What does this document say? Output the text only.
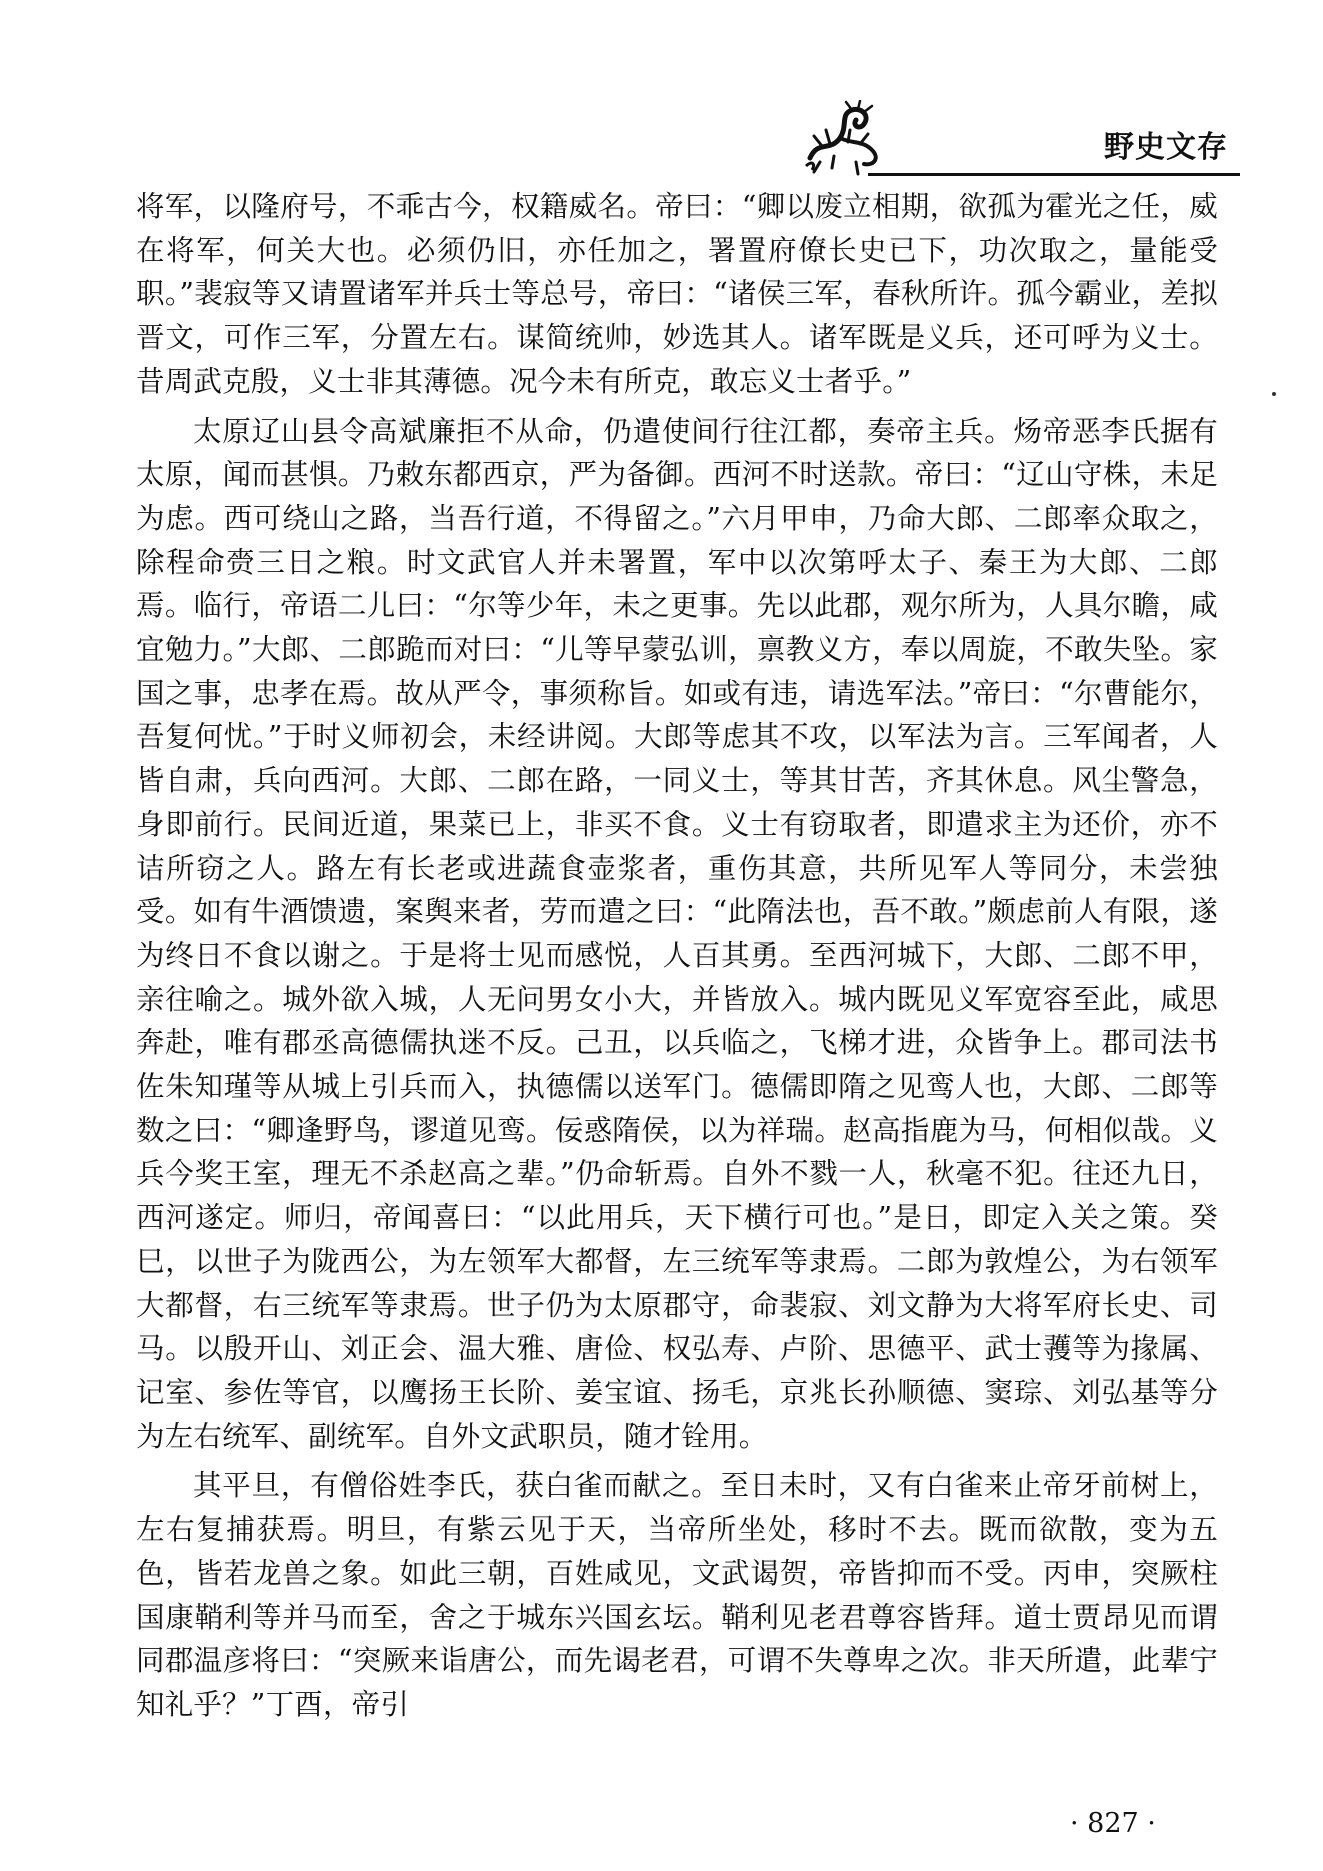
野史文存

将军，以隆府号，不乖古今，权籍威名。帝曰：“卿以废立相期，欲孤为霍光之任，威在将军，何关大也。必须仍旧，亦任加之，署置府僚长史已下，功次取之，量能受职。”裴寂等又请置诸军并兵士等总号，帝曰：“诸侯三军，春秋所许。孤今霸业，差拟晋文，可作三军，分置左右。谋简统帅，妙选其人。诸军既是义兵，还可呼为义士。昔周武克殷，义士非其薄德。况今未有所克，敢忘义士者乎。”

太原辽山县令高斌廉拒不从命，仍遣使间行往江都，奏帝主兵。炀帝恶李氏据有太原，闻而甚惧。乃敕东都西京，严为备御。西河不时送款。帝曰：“辽山守株，未足为虑。西可绕山之路，当吾行道，不得留之。”六月甲申，乃命大郎、二郎率众取之，除程命赍三日之粮。时文武官人并未署置，军中以次第呼太子、秦王为大郎、二郎焉。临行，帝语二儿曰：“尔等少年，未之更事。先以此郡，观尔所为，人具尔瞻，咸宜勉力。”大郎、二郎跪而对曰：“儿等早蒙弘训，禀教义方，奉以周旋，不敢失坠。家国之事，忠孝在焉。故从严令，事须称旨。如或有违，请选军法。”帝曰：“尔曹能尔，吾复何忧。”于时义师初会，未经讲阅。大郎等虑其不攻，以军法为言。三军闻者，人皆自肃，兵向西河。大郎、二郎在路，一同义士，等其甘苦，齐其休息。风尘警急，身即前行。民间近道，果菜已上，非买不食。义士有窃取者，即遣求主为还价，亦不诘所窃之人。路左有长老或进蔬食壶浆者，重伤其意，共所见军人等同分，未尝独受。如有牛酒馈遗，案舆来者，劳而遣之曰：“此隋法也，吾不敢。”颇虑前人有限，遂为终日不食以谢之。于是将士见而感悦，人百其勇。至西河城下，大郎、二郎不甲，亲往喻之。城外欲入城，人无问男女小大，并皆放入。城内既见义军宽容至此，咸思奔赴，唯有郡丞高德儒执迷不反。己丑，以兵临之，飞梯才进，众皆争上。郡司法书佐朱知瑾等从城上引兵而入，执德儒以送军门。德儒即隋之见鸾人也，大郎、二郎等数之曰：“卿逢野鸟，谬道见鸾。佞惑隋侯，以为祥瑞。赵高指鹿为马，何相似哉。义兵今奖王室，理无不杀赵高之辈。”仍命斩焉。自外不戮一人，秋毫不犯。往还九日，西河遂定。师归，帝闻喜曰：“以此用兵，天下横行可也。”是日，即定入关之策。癸巳，以世子为陇西公，为左领军大都督，左三统军等隶焉。二郎为敦煌公，为右领军大都督，右三统军等隶焉。世子仍为太原郡守，命裴寂、刘文静为大将军府长史、司马。以殷开山、刘正会、温大雅、唐俭、权弘寿、卢阶、思德平、武士彟等为掾属、记室、参佐等官，以鹰扬王长阶、姜宝谊、扬毛，京兆长孙顺德、窦琮、刘弘基等分为左右统军、副统军。自外文武职员，随才铨用。

其平旦，有僧俗姓李氏，获白雀而献之。至日未时，又有白雀来止帝牙前树上，左右复捕获焉。明旦，有紫云见于天，当帝所坐处，移时不去。既而欲散，变为五色，皆若龙兽之象。如此三朝，百姓咸见，文武谒贺，帝皆抑而不受。丙申，突厥柱国康鞘利等并马而至，舍之于城东兴国玄坛。鞘利见老君尊容皆拜。道士贾昂见而谓同郡温彦将曰：“突厥来诣唐公，而先谒老君，可谓不失尊卑之次。非天所遣，此辈宁知礼乎？”丁酉，帝引

· 827 ·
